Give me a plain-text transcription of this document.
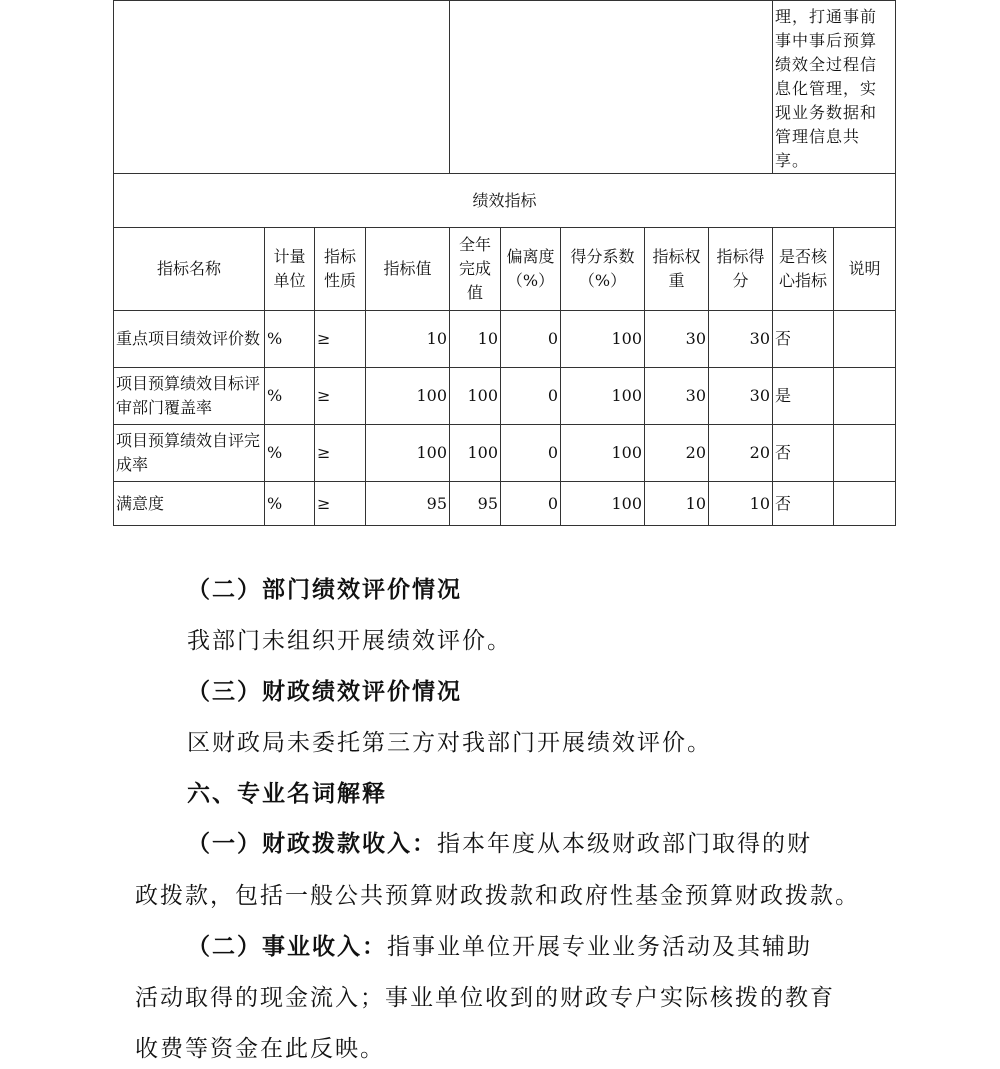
									理，打通事前事中事后预算绩效全过程信息化管理，实现业务数据和管理信息共享。	
绩效指标										
指标名称	计量单位	指标性质	指标值	全年完成值	偏离度（%）	得分系数（%）	指标权重	指标得分	是否核心指标	说明
重点项目绩效评价数	%	≥	10	10	0	100	30	30	否	
项目预算绩效目标评审部门覆盖率	%	≥	100	100	0	100	30	30	是	
项目预算绩效自评完成率	%	≥	100	100	0	100	20	20	否	
满意度	%	≥	95	95	0	100	10	10	否	

（二）部门绩效评价情况

我部门未组织开展绩效评价。

（三）财政绩效评价情况

区财政局未委托第三方对我部门开展绩效评价。

六、专业名词解释

（一）财政拨款收入：指本年度从本级财政部门取得的财

政拨款，包括一般公共预算财政拨款和政府性基金预算财政拨款。

（二）事业收入：指事业单位开展专业业务活动及其辅助

活动取得的现金流入；事业单位收到的财政专户实际核拨的教育

收费等资金在此反映。
